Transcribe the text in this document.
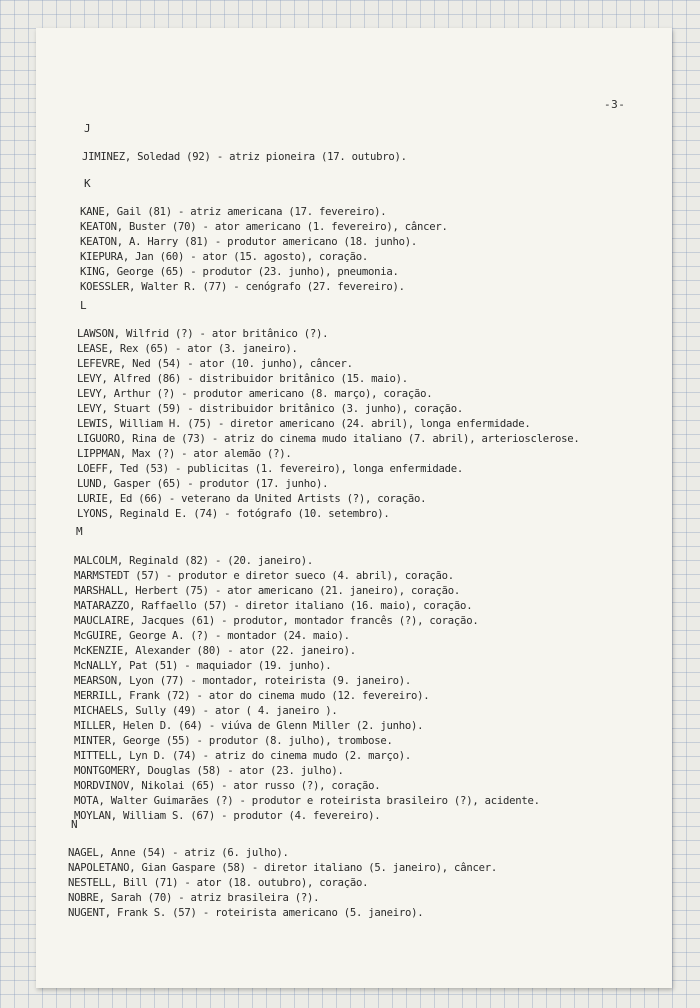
-3-
J
JIMINEZ, Soledad (92) - atriz pioneira (17. outubro).
K
KANE, Gail (81) - atriz americana (17. fevereiro).
KEATON, Buster (70) - ator americano (1. fevereiro), câncer.
KEATON, A. Harry (81) - produtor americano (18. junho).
KIEPURA, Jan (60) - ator (15. agosto), coração.
KING, George (65) - produtor (23. junho), pneumonia.
KOESSLER, Walter R. (77) - cenógrafo (27. fevereiro).
L
LAWSON, Wilfrid (?) - ator britânico (?).
LEASE, Rex (65) - ator (3. janeiro).
LEFEVRE, Ned (54) - ator (10. junho), câncer.
LEVY, Alfred (86) - distribuidor britânico (15. maio).
LEVY, Arthur (?) - produtor americano (8. março), coração.
LEVY, Stuart (59) - distribuidor britânico (3. junho), coração.
LEWIS, William H. (75) - diretor americano (24. abril), longa enfermidade.
LIGUORO, Rina de (73) - atriz do cinema mudo italiano (7. abril), arteriosclerose.
LIPPMAN, Max (?) - ator alemão (?).
LOEFF, Ted (53) - publicitas (1. fevereiro), longa enfermidade.
LUND, Gasper (65) - produtor (17. junho).
LURIE, Ed (66) - veterano da United Artists (?), coração.
LYONS, Reginald E. (74) - fotógrafo (10. setembro).
M
MALCOLM, Reginald (82) - (20. janeiro).
MARMSTEDT (57) - produtor e diretor sueco (4. abril), coração.
MARSHALL, Herbert (75) - ator americano (21. janeiro), coração.
MATARAZZO, Raffaello (57) - diretor italiano (16. maio), coração.
MAUCLAIRE, Jacques (61) - produtor, montador francês (?), coração.
McGUIRE, George A. (?) - montador (24. maio).
McKENZIE, Alexander (80) - ator (22. janeiro).
McNALLY, Pat (51) - maquiador (19. junho).
MEARSON, Lyon (77) - montador, roteirista (9. janeiro).
MERRILL, Frank (72) - ator do cinema mudo (12. fevereiro).
MICHAELS, Sully (49) - ator ( 4. janeiro ).
MILLER, Helen D. (64) - viúva de Glenn Miller (2. junho).
MINTER, George (55) - produtor (8. julho), trombose.
MITTELL, Lyn D. (74) - atriz do cinema mudo (2. março).
MONTGOMERY, Douglas (58) - ator (23. julho).
MORDVINOV, Nikolai (65) - ator russo (?), coração.
MOTA, Walter Guimarães (?) - produtor e roteirista brasileiro (?), acidente.
MOYLAN, William S. (67) - produtor (4. fevereiro).
N
NAGEL, Anne (54) - atriz (6. julho).
NAPOLETANO, Gian Gaspare (58) - diretor italiano (5. janeiro), câncer.
NESTELL, Bill (71) - ator (18. outubro), coração.
NOBRE, Sarah (70) - atriz brasileira (?).
NUGENT, Frank S. (57) - roteirista americano (5. janeiro).
